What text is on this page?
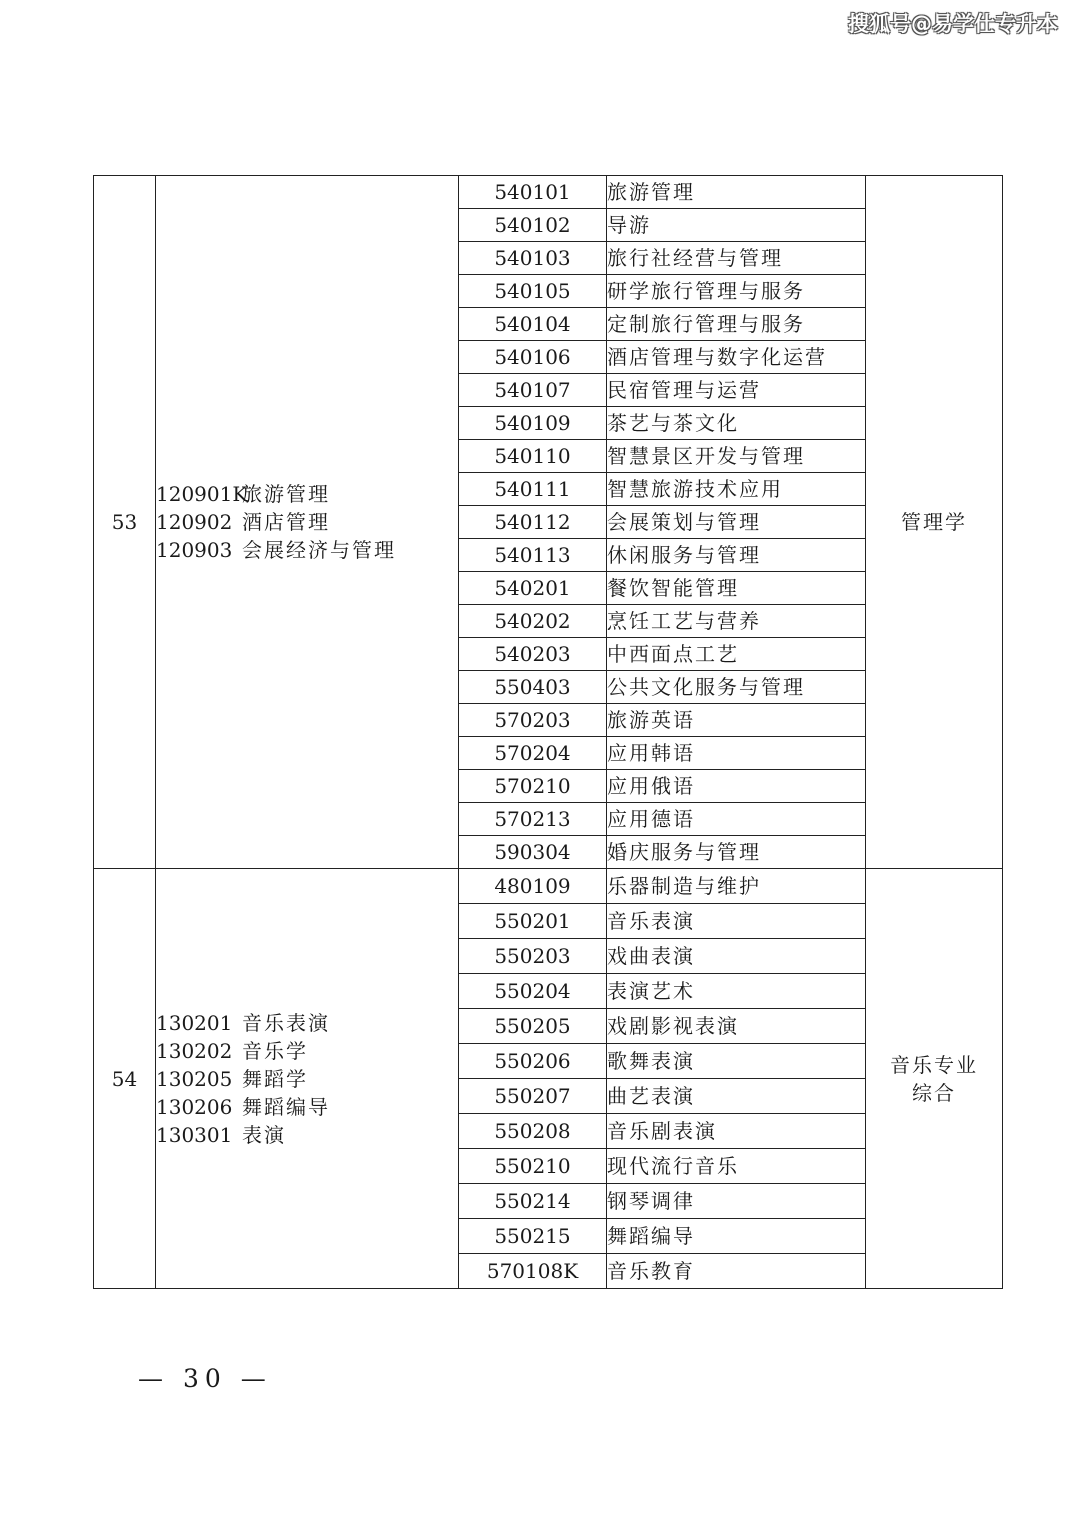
搜狐号@易学仕专升本
53	120901K旅游管理
120902 酒店管理
120903 会展经济与管理	540101	旅游管理	管理学

		540102	导游	
		540103	旅行社经营与管理	
		540105	研学旅行管理与服务	
		540104	定制旅行管理与服务	
		540106	酒店管理与数字化运营	
		540107	民宿管理与运营	
		540109	茶艺与茶文化	
		540110	智慧景区开发与管理	
		540111	智慧旅游技术应用	
		540112	会展策划与管理	
		540113	休闲服务与管理	
		540201	餐饮智能管理	
		540202	烹饪工艺与营养	
		540203	中西面点工艺	
		550403	公共文化服务与管理	
		570203	旅游英语	
		570204	应用韩语	
		570210	应用俄语	
		570213	应用德语	
		590304	婚庆服务与管理	
54	130201 音乐表演
130202 音乐学
130205 舞蹈学
130206 舞蹈编导
130301 表演	480109	乐器制造与维护	音乐专业
综合

		550201	音乐表演	
		550203	戏曲表演	
		550204	表演艺术	
		550205	戏剧影视表演	
		550206	歌舞表演	
		550207	曲艺表演	
		550208	音乐剧表演	
		550210	现代流行音乐	
		550214	钢琴调律	
		550215	舞蹈编导	
		570108K	音乐教育	
— 30 —
